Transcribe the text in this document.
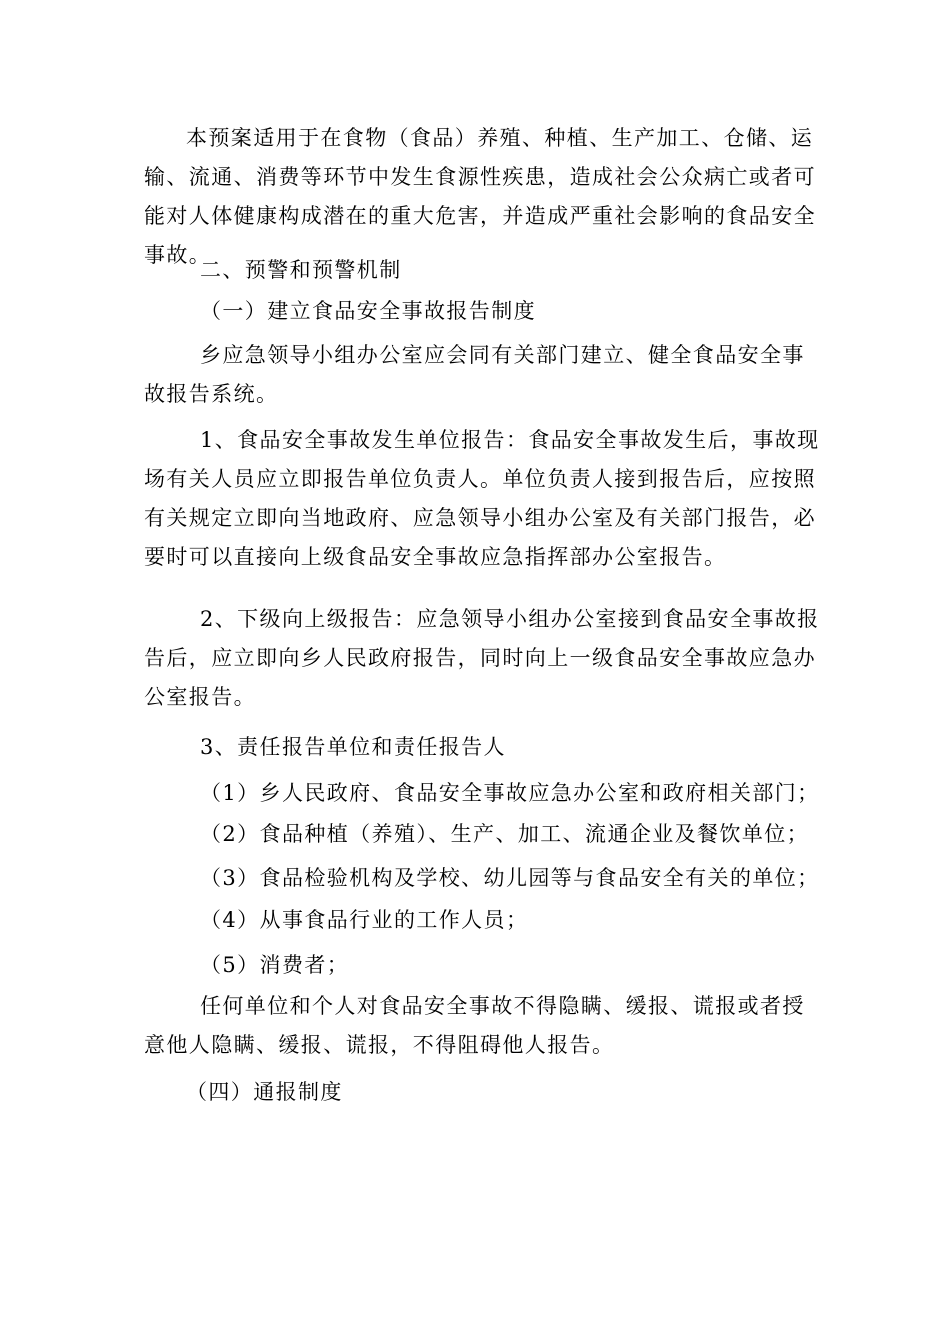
本预案适用于在食物（食品）养殖、种植、生产加工、仓储、运输、流通、消费等环节中发生食源性疾患，造成社会公众病亡或者可能对人体健康构成潜在的重大危害，并造成严重社会影响的食品安全事故。

二、预警和预警机制

（一）建立食品安全事故报告制度

乡应急领导小组办公室应会同有关部门建立、健全食品安全事故报告系统。

1、食品安全事故发生单位报告：食品安全事故发生后，事故现场有关人员应立即报告单位负责人。单位负责人接到报告后，应按照有关规定立即向当地政府、应急领导小组办公室及有关部门报告，必要时可以直接向上级食品安全事故应急指挥部办公室报告。

2、下级向上级报告：应急领导小组办公室接到食品安全事故报告后，应立即向乡人民政府报告，同时向上一级食品安全事故应急办公室报告。

3、责任报告单位和责任报告人

（1）乡人民政府、食品安全事故应急办公室和政府相关部门；

（2）食品种植（养殖）、生产、加工、流通企业及餐饮单位；

（3）食品检验机构及学校、幼儿园等与食品安全有关的单位；

（4）从事食品行业的工作人员；

（5）消费者；

任何单位和个人对食品安全事故不得隐瞒、缓报、谎报或者授意他人隐瞒、缓报、谎报，不得阻碍他人报告。

（四）通报制度
